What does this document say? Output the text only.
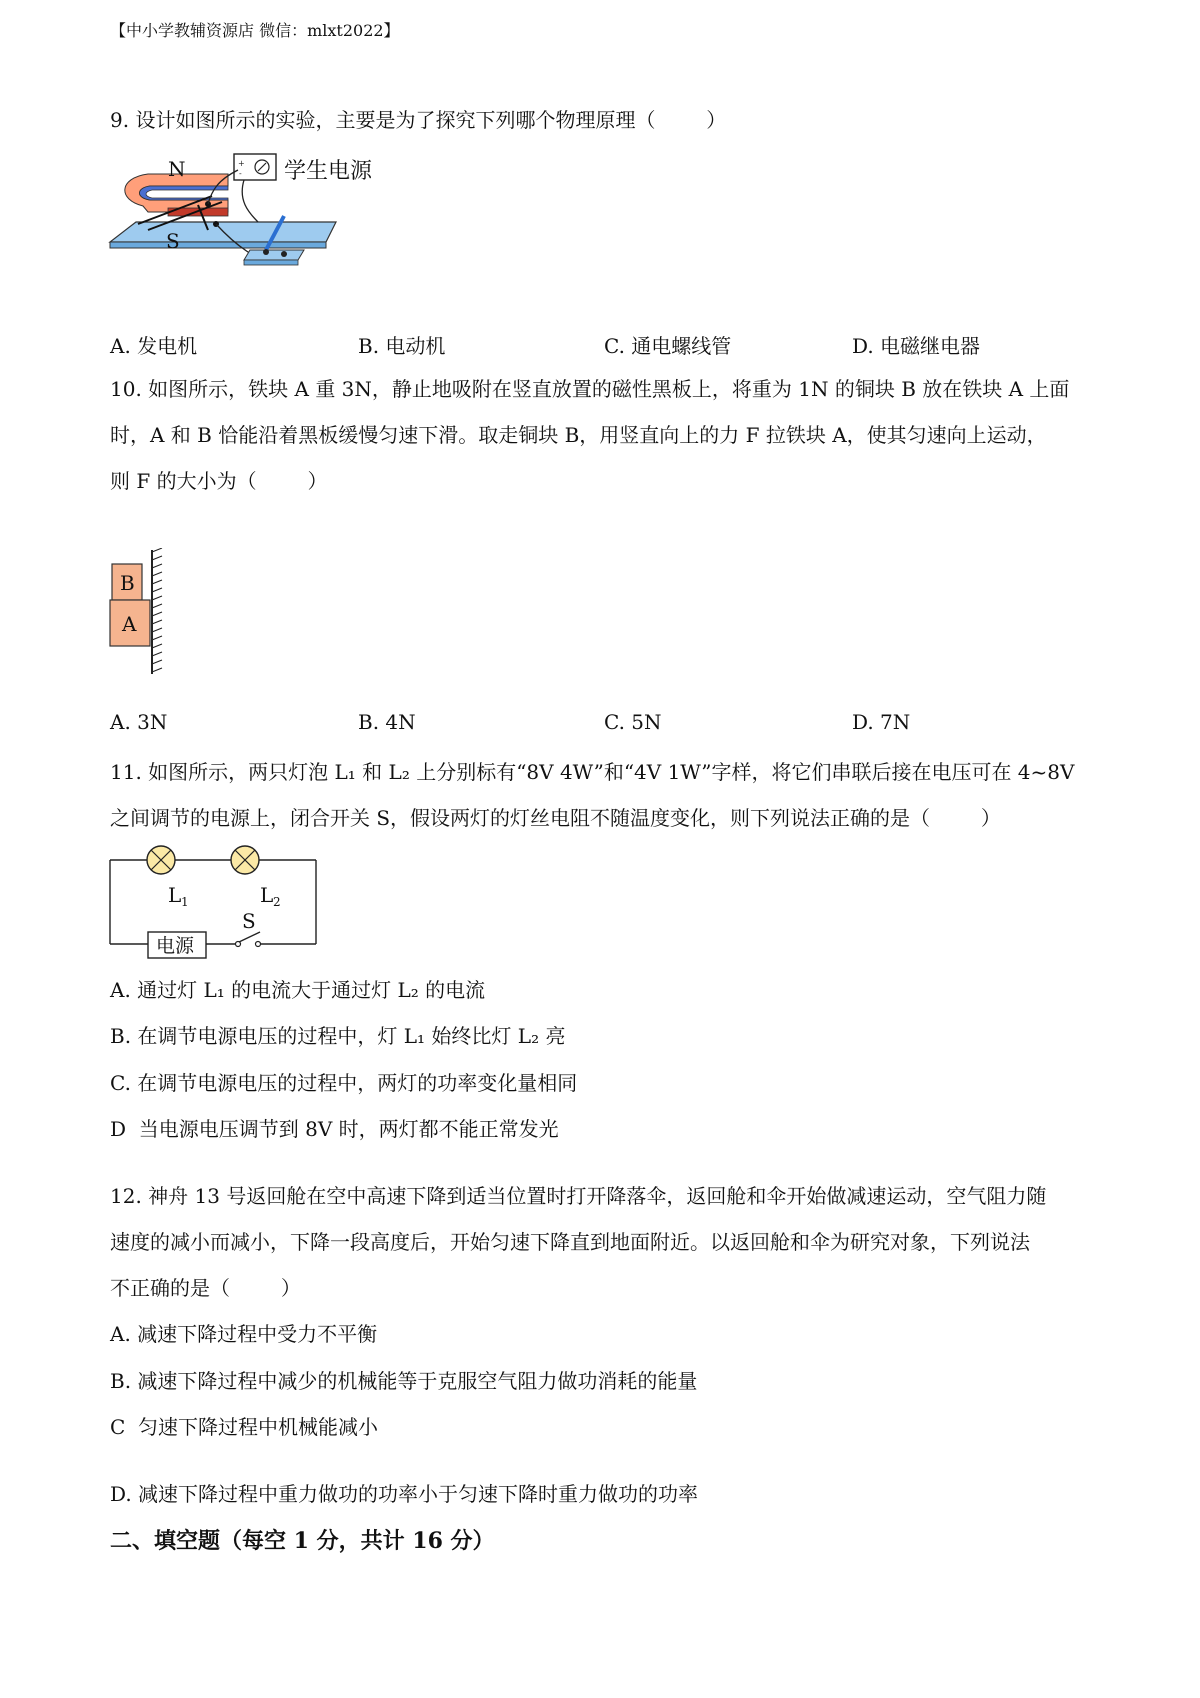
【中小学教辅资源店 微信：mlxt2022】
9. 设计如图所示的实验，主要是为了探究下列哪个物理原理（        ）
N
S
+
- 学生电源
A. 发电机	B. 电动机	C. 通电螺线管	D. 电磁继电器
10. 如图所示，铁块 A 重 3N，静止地吸附在竖直放置的磁性黑板上，将重为 1N 的铜块 B 放在铁块 A 上面
时，A 和 B 恰能沿着黑板缓慢匀速下滑。取走铜块 B，用竖直向上的力 F 拉铁块 A，使其匀速向上运动，
则 F 的大小为（        ）
B
A
A. 3N	B. 4N	C. 5N	D. 7N
11. 如图所示，两只灯泡 L₁ 和 L₂ 上分别标有“8V 4W”和“4V 1W”字样，将它们串联后接在电压可在 4~8V
之间调节的电源上，闭合开关 S，假设两灯的灯丝电阻不随温度变化，则下列说法正确的是（        ）
L 1	L 2
电源
S
A. 通过灯 L₁ 的电流大于通过灯 L₂ 的电流
B. 在调节电源电压的过程中，灯 L₁ 始终比灯 L₂ 亮
C. 在调节电源电压的过程中，两灯的功率变化量相同
D  当电源电压调节到 8V 时，两灯都不能正常发光
12. 神舟 13 号返回舱在空中高速下降到适当位置时打开降落伞，返回舱和伞开始做减速运动，空气阻力随
速度的减小而减小，下降一段高度后，开始匀速下降直到地面附近。以返回舱和伞为研究对象，下列说法
不正确的是（        ）
A. 减速下降过程中受力不平衡
B. 减速下降过程中减少的机械能等于克服空气阻力做功消耗的能量
C  匀速下降过程中机械能减小
D. 减速下降过程中重力做功的功率小于匀速下降时重力做功的功率
二、填空题（每空 1 分，共计 16 分）
